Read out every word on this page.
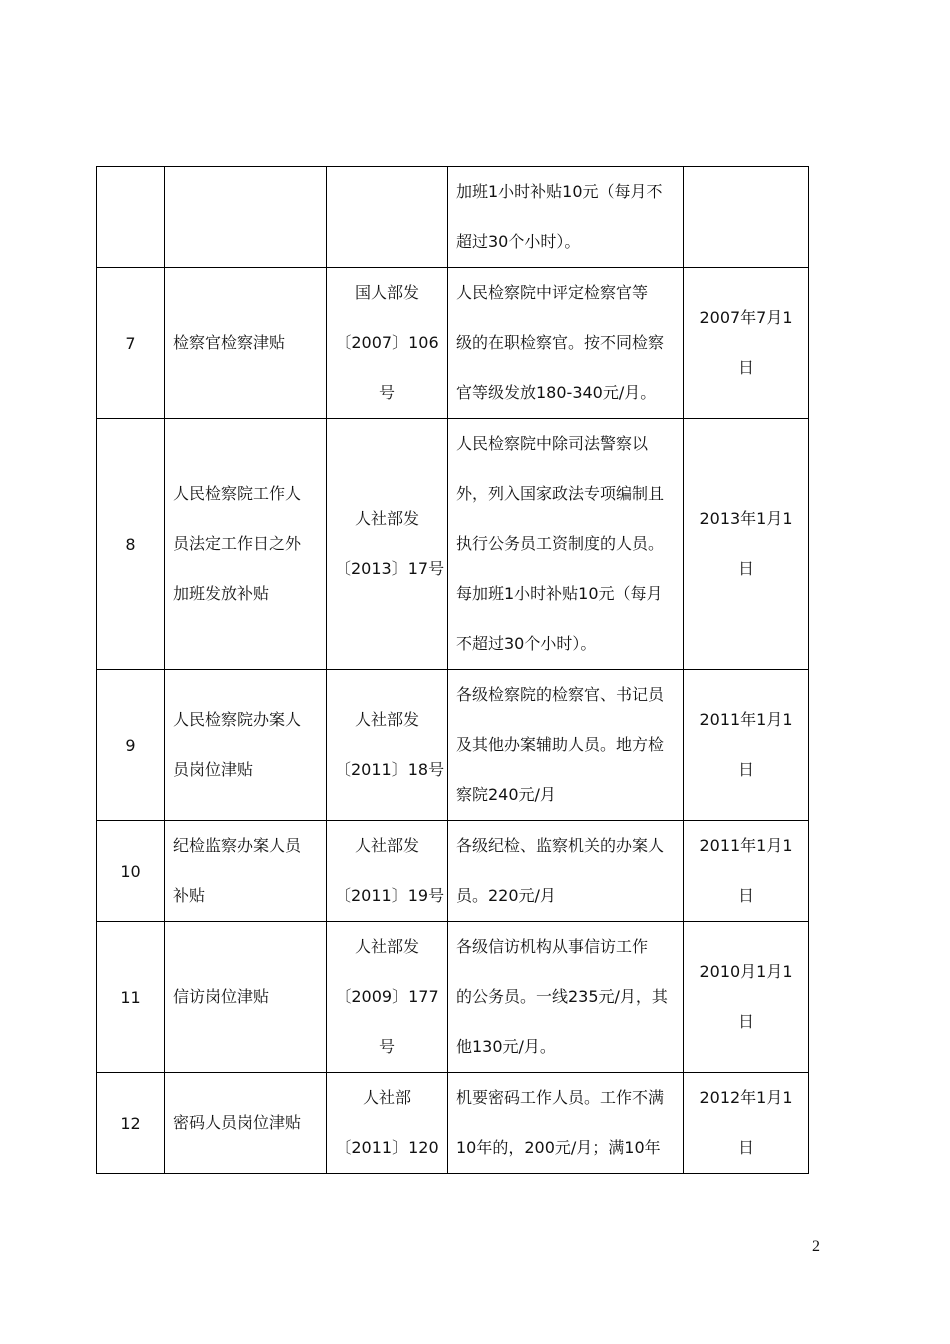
			加班1小时补贴10元（每月不
超过30个小时）。	

7	检察官检察津贴	国人部发
〔2007〕106
号	人民检察院中评定检察官等
级的在职检察官。按不同检察
官等级发放180-340元/月。	2007年7月1
日

8	人民检察院工作人
员法定工作日之外
加班发放补贴	人社部发
〔2013〕17号	人民检察院中除司法警察以
外，列入国家政法专项编制且
执行公务员工资制度的人员。
每加班1小时补贴10元（每月
不超过30个小时）。	2013年1月1
日

9	人民检察院办案人
员岗位津贴	人社部发
〔2011〕18号	各级检察院的检察官、书记员
及其他办案辅助人员。地方检
察院240元/月	2011年1月1
日

10	纪检监察办案人员
补贴	人社部发
〔2011〕19号	各级纪检、监察机关的办案人
员。220元/月	2011年1月1
日

11	信访岗位津贴	人社部发
〔2009〕177
号	各级信访机构从事信访工作
的公务员。一线235元/月，其
他130元/月。	2010月1月1
日

12	密码人员岗位津贴	人社部
〔2011〕120	机要密码工作人员。工作不满
10年的，200元/月；满10年	2012年1月1
日
2
